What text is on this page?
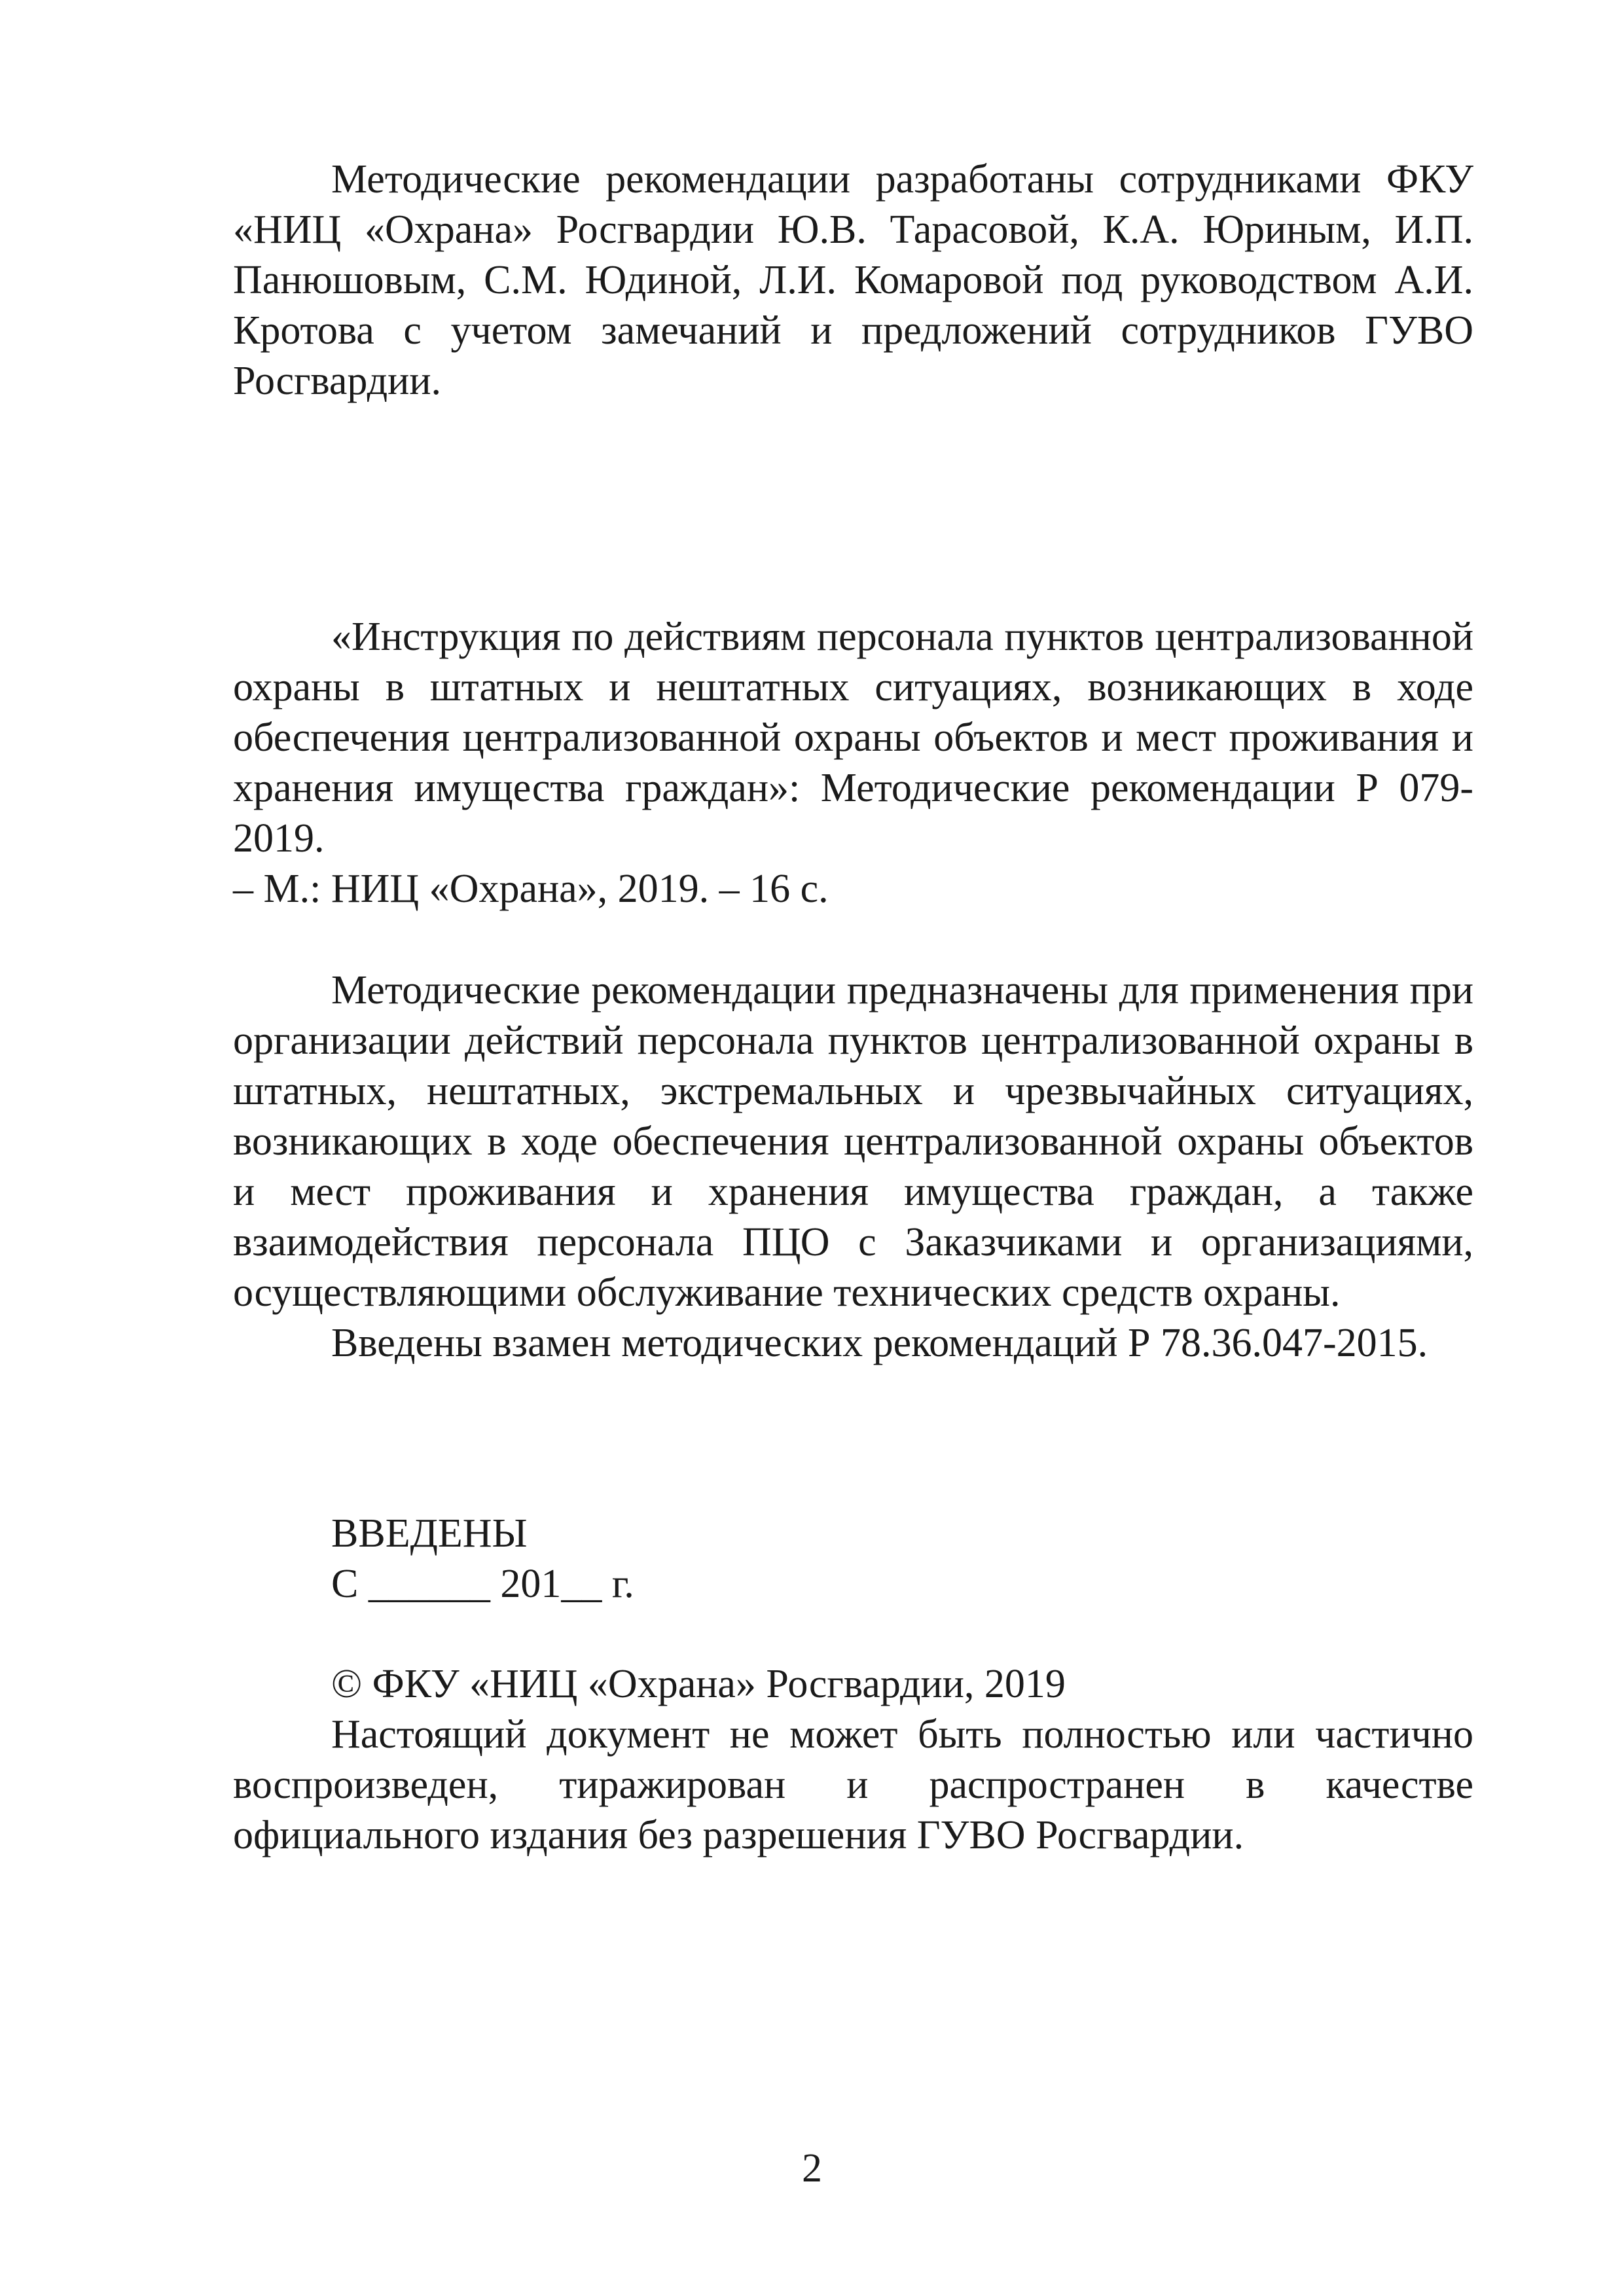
Методические рекомендации разработаны сотрудниками ФКУ «НИЦ «Охрана» Росгвардии Ю.В. Тарасовой, К.А. Юриным, И.П. Панюшовым, С.М. Юдиной, Л.И. Комаровой под руководством А.И. Кротова с учетом замечаний и предложений сотрудников ГУВО Росгвардии.

«Инструкция по действиям персонала пунктов централизованной охраны в штатных и нештатных ситуациях, возникающих в ходе обеспечения централизованной охраны объектов и мест проживания и хранения имущества граждан»: Методические рекомендации Р 079-2019.

– М.: НИЦ «Охрана», 2019. – 16 с.

Методические рекомендации предназначены для применения при организации действий персонала пунктов централизованной охраны в штатных, нештатных, экстремальных и чрезвычайных ситуациях, возникающих в ходе обеспечения централизованной охраны объектов и мест проживания и хранения имущества граждан, а также взаимодействия персонала ПЦО с Заказчиками и организациями, осуществляющими обслуживание технических средств охраны.

Введены взамен методических рекомендаций Р 78.36.047-2015.

ВВЕДЕНЫ
С ______ 201__ г.
© ФКУ «НИЦ «Охрана» Росгвардии, 2019

Настоящий документ не может быть полностью или частично воспроизведен, тиражирован и распространен в качестве официального издания без разрешения ГУВО Росгвардии.

2
